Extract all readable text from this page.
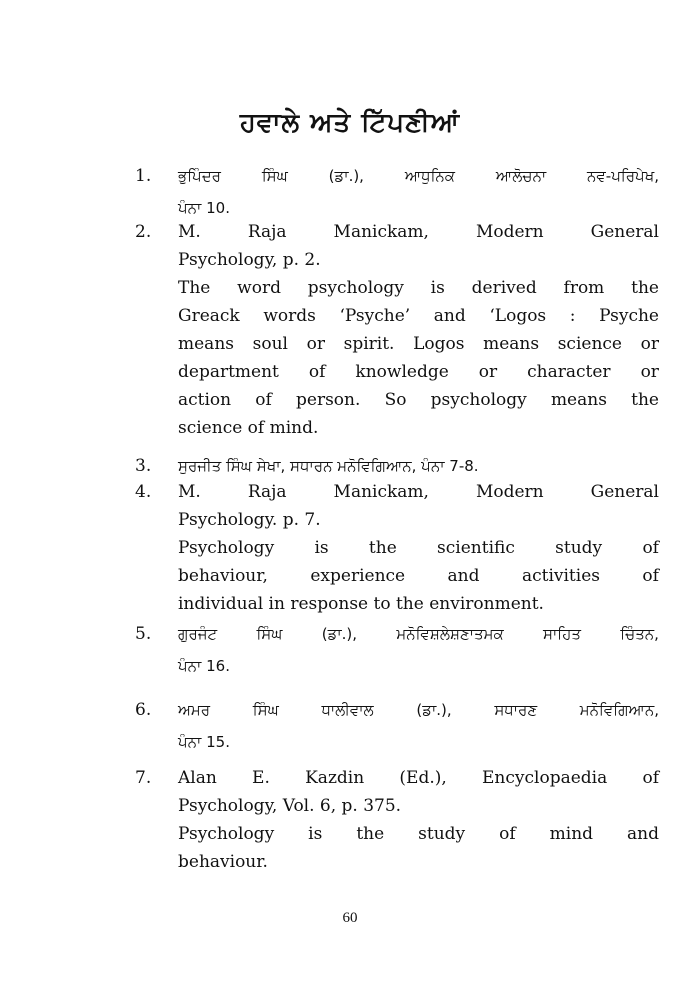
ਹਵਾਲੇ ਅਤੇ ਟਿੱਪਣੀਆਂ
1. ਭੁਪਿੰਦਰ	ਸਿੰਘ	(ਡਾ.),	ਆਧੁਨਿਕ	ਆਲੋਚਨਾ	ਨਵ-ਪਰਿਪੇਖ,
ਪੰਨਾ 10.
2. M.	Raja	Manickam,	Modern	General
Psychology, p. 2.
The word psychology is derived from the
Greack words ‘Psyche’ and ‘Logos : Psyche
means soul or spirit. Logos means science or
department of knowledge or character or
action of person. So psychology means the
science of mind.
3. ਸੁਰਜੀਤ ਸਿੰਘ ਸੇਖਾ, ਸਧਾਰਨ ਮਨੋਵਿਗਿਆਨ, ਪੰਨਾ 7-8.
4. M.	Raja	Manickam,	Modern	General
Psychology. p. 7.
Psychology is the scientific study of
behaviour, experience and activities of
individual in response to the environment.
5. ਗੁਰਜੰਟ	ਸਿੰਘ	(ਡਾ.),	ਮਨੋਵਿਸ਼ਲੇਸ਼ਣਾਤਮਕ	ਸਾਹਿਤ	ਚਿੰਤਨ,
ਪੰਨਾ 16.
6. ਅਮਰ	ਸਿੰਘ	ਧਾਲੀਵਾਲ	(ਡਾ.),	ਸਧਾਰਣ	ਮਨੋਵਿਗਿਆਨ,
ਪੰਨਾ 15.
7. Alan E. Kazdin (Ed.), Encyclopaedia of
Psychology, Vol. 6, p. 375.
Psychology is the study of mind and
behaviour.
60
